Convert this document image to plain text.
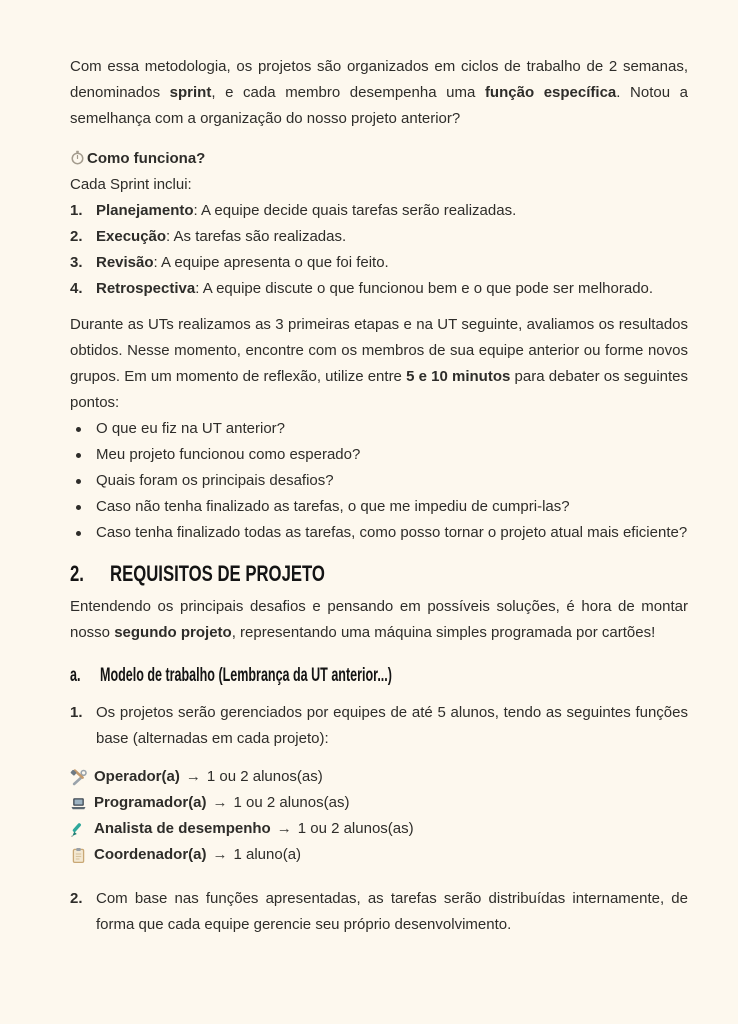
Com essa metodologia, os projetos são organizados em ciclos de trabalho de 2 semanas, denominados sprint, e cada membro desempenha uma função específica. Notou a semelhança com a organização do nosso projeto anterior?

Como funciona?

Cada Sprint inclui:

1. Planejamento: A equipe decide quais tarefas serão realizadas.
2. Execução: As tarefas são realizadas.
3. Revisão: A equipe apresenta o que foi feito.
4. Retrospectiva: A equipe discute o que funcionou bem e o que pode ser melhorado.

Durante as UTs realizamos as 3 primeiras etapas e na UT seguinte, avaliamos os resultados obtidos. Nesse momento, encontre com os membros de sua equipe anterior ou forme novos grupos. Em um momento de reflexão, utilize entre 5 e 10 minutos para debater os seguintes pontos:

O que eu fiz na UT anterior?
Meu projeto funcionou como esperado?
Quais foram os principais desafios?
Caso não tenha finalizado as tarefas, o que me impediu de cumpri-las?
Caso tenha finalizado todas as tarefas, como posso tornar o projeto atual mais eficiente?
2.	REQUISITOS DE PROJETO

Entendendo os principais desafios e pensando em possíveis soluções, é hora de montar nosso segundo projeto, representando uma máquina simples programada por cartões!

a.	Modelo de trabalho (Lembrança da UT anterior...)
1. Os projetos serão gerenciados por equipes de até 5 alunos, tendo as seguintes funções base (alternadas em cada projeto):
Operador(a) → 1 ou 2 alunos(as)
Programador(a) → 1 ou 2 alunos(as)
Analista de desempenho → 1 ou 2 alunos(as)
Coordenador(a) → 1 aluno(a)
2. Com base nas funções apresentadas, as tarefas serão distribuídas internamente, de forma que cada equipe gerencie seu próprio desenvolvimento.
